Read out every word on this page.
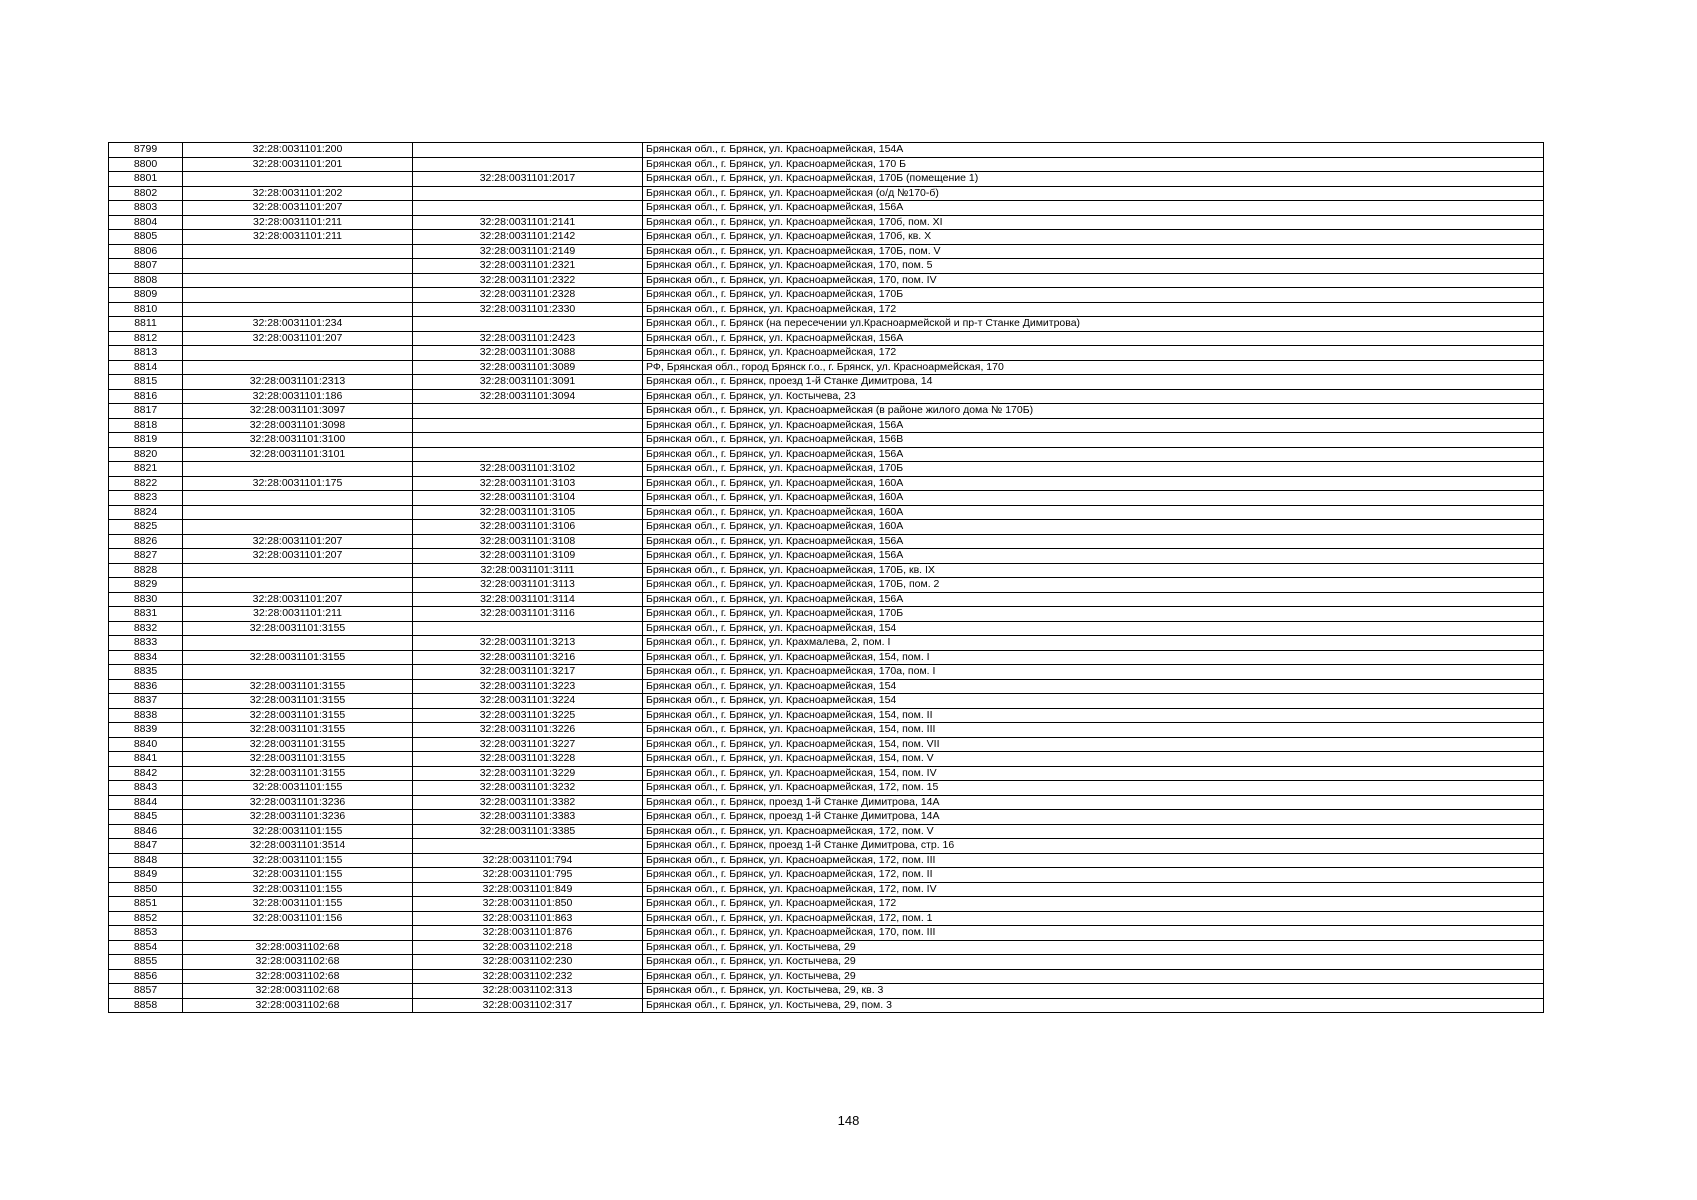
8799	32:28:0031101:200		Брянская обл., г. Брянск, ул. Красноармейская, 154А
8800	32:28:0031101:201		Брянская обл., г. Брянск, ул. Красноармейская, 170 Б
8801		32:28:0031101:2017	Брянская обл., г. Брянск, ул. Красноармейская, 170Б (помещение 1)
8802	32:28:0031101:202		Брянская обл., г. Брянск, ул. Красноармейская (о/д №170-б)
8803	32:28:0031101:207		Брянская обл., г. Брянск, ул. Красноармейская, 156А
8804	32:28:0031101:211	32:28:0031101:2141	Брянская обл., г. Брянск, ул. Красноармейская, 170б, пом. XI
8805	32:28:0031101:211	32:28:0031101:2142	Брянская обл., г. Брянск, ул. Красноармейская, 170б, кв. X
8806		32:28:0031101:2149	Брянская обл., г. Брянск, ул. Красноармейская, 170Б, пом. V
8807		32:28:0031101:2321	Брянская обл., г. Брянск, ул. Красноармейская, 170, пом. 5
8808		32:28:0031101:2322	Брянская обл., г. Брянск, ул. Красноармейская, 170, пом. IV
8809		32:28:0031101:2328	Брянская обл., г. Брянск, ул. Красноармейская, 170Б
8810		32:28:0031101:2330	Брянская обл., г. Брянск, ул. Красноармейская, 172
8811	32:28:0031101:234		Брянская обл., г. Брянск (на пересечении ул.Красноармейской и пр-т Станке Димитрова)
8812	32:28:0031101:207	32:28:0031101:2423	Брянская обл., г. Брянск, ул. Красноармейская, 156А
8813		32:28:0031101:3088	Брянская обл., г. Брянск, ул. Красноармейская, 172
8814		32:28:0031101:3089	РФ, Брянская обл., город Брянск г.о., г. Брянск, ул. Красноармейская, 170
8815	32:28:0031101:2313	32:28:0031101:3091	Брянская обл., г. Брянск, проезд 1-й Станке Димитрова, 14
8816	32:28:0031101:186	32:28:0031101:3094	Брянская обл., г. Брянск, ул. Костычева, 23
8817	32:28:0031101:3097		Брянская обл., г. Брянск, ул. Красноармейская (в районе жилого дома № 170Б)
8818	32:28:0031101:3098		Брянская обл., г. Брянск, ул. Красноармейская, 156А
8819	32:28:0031101:3100		Брянская обл., г. Брянск, ул. Красноармейская, 156В
8820	32:28:0031101:3101		Брянская обл., г. Брянск, ул. Красноармейская, 156А
8821		32:28:0031101:3102	Брянская обл., г. Брянск, ул. Красноармейская, 170Б
8822	32:28:0031101:175	32:28:0031101:3103	Брянская обл., г. Брянск, ул. Красноармейская, 160А
8823		32:28:0031101:3104	Брянская обл., г. Брянск, ул. Красноармейская, 160А
8824		32:28:0031101:3105	Брянская обл., г. Брянск, ул. Красноармейская, 160А
8825		32:28:0031101:3106	Брянская обл., г. Брянск, ул. Красноармейская, 160А
8826	32:28:0031101:207	32:28:0031101:3108	Брянская обл., г. Брянск, ул. Красноармейская, 156А
8827	32:28:0031101:207	32:28:0031101:3109	Брянская обл., г. Брянск, ул. Красноармейская, 156А
8828		32:28:0031101:3111	Брянская обл., г. Брянск, ул. Красноармейская, 170Б, кв. IX
8829		32:28:0031101:3113	Брянская обл., г. Брянск, ул. Красноармейская, 170Б, пом. 2
8830	32:28:0031101:207	32:28:0031101:3114	Брянская обл., г. Брянск, ул. Красноармейская, 156А
8831	32:28:0031101:211	32:28:0031101:3116	Брянская обл., г. Брянск, ул. Красноармейская, 170Б
8832	32:28:0031101:3155		Брянская обл., г. Брянск, ул. Красноармейская, 154
8833		32:28:0031101:3213	Брянская обл., г. Брянск, ул. Крахмалева, 2, пом. I
8834	32:28:0031101:3155	32:28:0031101:3216	Брянская обл., г. Брянск, ул. Красноармейская, 154, пом. I
8835		32:28:0031101:3217	Брянская обл., г. Брянск, ул. Красноармейская, 170а, пом. I
8836	32:28:0031101:3155	32:28:0031101:3223	Брянская обл., г. Брянск, ул. Красноармейская, 154
8837	32:28:0031101:3155	32:28:0031101:3224	Брянская обл., г. Брянск, ул. Красноармейская, 154
8838	32:28:0031101:3155	32:28:0031101:3225	Брянская обл., г. Брянск, ул. Красноармейская, 154, пом. II
8839	32:28:0031101:3155	32:28:0031101:3226	Брянская обл., г. Брянск, ул. Красноармейская, 154, пом. III
8840	32:28:0031101:3155	32:28:0031101:3227	Брянская обл., г. Брянск, ул. Красноармейская, 154, пом. VII
8841	32:28:0031101:3155	32:28:0031101:3228	Брянская обл., г. Брянск, ул. Красноармейская, 154, пом. V
8842	32:28:0031101:3155	32:28:0031101:3229	Брянская обл., г. Брянск, ул. Красноармейская, 154, пом. IV
8843	32:28:0031101:155	32:28:0031101:3232	Брянская обл., г. Брянск, ул. Красноармейская, 172, пом. 15
8844	32:28:0031101:3236	32:28:0031101:3382	Брянская обл., г. Брянск, проезд 1-й Станке Димитрова, 14А
8845	32:28:0031101:3236	32:28:0031101:3383	Брянская обл., г. Брянск, проезд 1-й Станке Димитрова, 14А
8846	32:28:0031101:155	32:28:0031101:3385	Брянская обл., г. Брянск, ул. Красноармейская, 172, пом. V
8847	32:28:0031101:3514		Брянская обл., г. Брянск, проезд 1-й Станке Димитрова, стр. 16
8848	32:28:0031101:155	32:28:0031101:794	Брянская обл., г. Брянск, ул. Красноармейская, 172, пом. III
8849	32:28:0031101:155	32:28:0031101:795	Брянская обл., г. Брянск, ул. Красноармейская, 172, пом. II
8850	32:28:0031101:155	32:28:0031101:849	Брянская обл., г. Брянск, ул. Красноармейская, 172, пом. IV
8851	32:28:0031101:155	32:28:0031101:850	Брянская обл., г. Брянск, ул. Красноармейская, 172
8852	32:28:0031101:156	32:28:0031101:863	Брянская обл., г. Брянск, ул. Красноармейская, 172, пом. 1
8853		32:28:0031101:876	Брянская обл., г. Брянск, ул. Красноармейская, 170, пом. III
8854	32:28:0031102:68	32:28:0031102:218	Брянская обл., г. Брянск, ул. Костычева, 29
8855	32:28:0031102:68	32:28:0031102:230	Брянская обл., г. Брянск, ул. Костычева, 29
8856	32:28:0031102:68	32:28:0031102:232	Брянская обл., г. Брянск, ул. Костычева, 29
8857	32:28:0031102:68	32:28:0031102:313	Брянская обл., г. Брянск, ул. Костычева, 29, кв. 3
8858	32:28:0031102:68	32:28:0031102:317	Брянская обл., г. Брянск, ул. Костычева, 29, пом. 3
148
